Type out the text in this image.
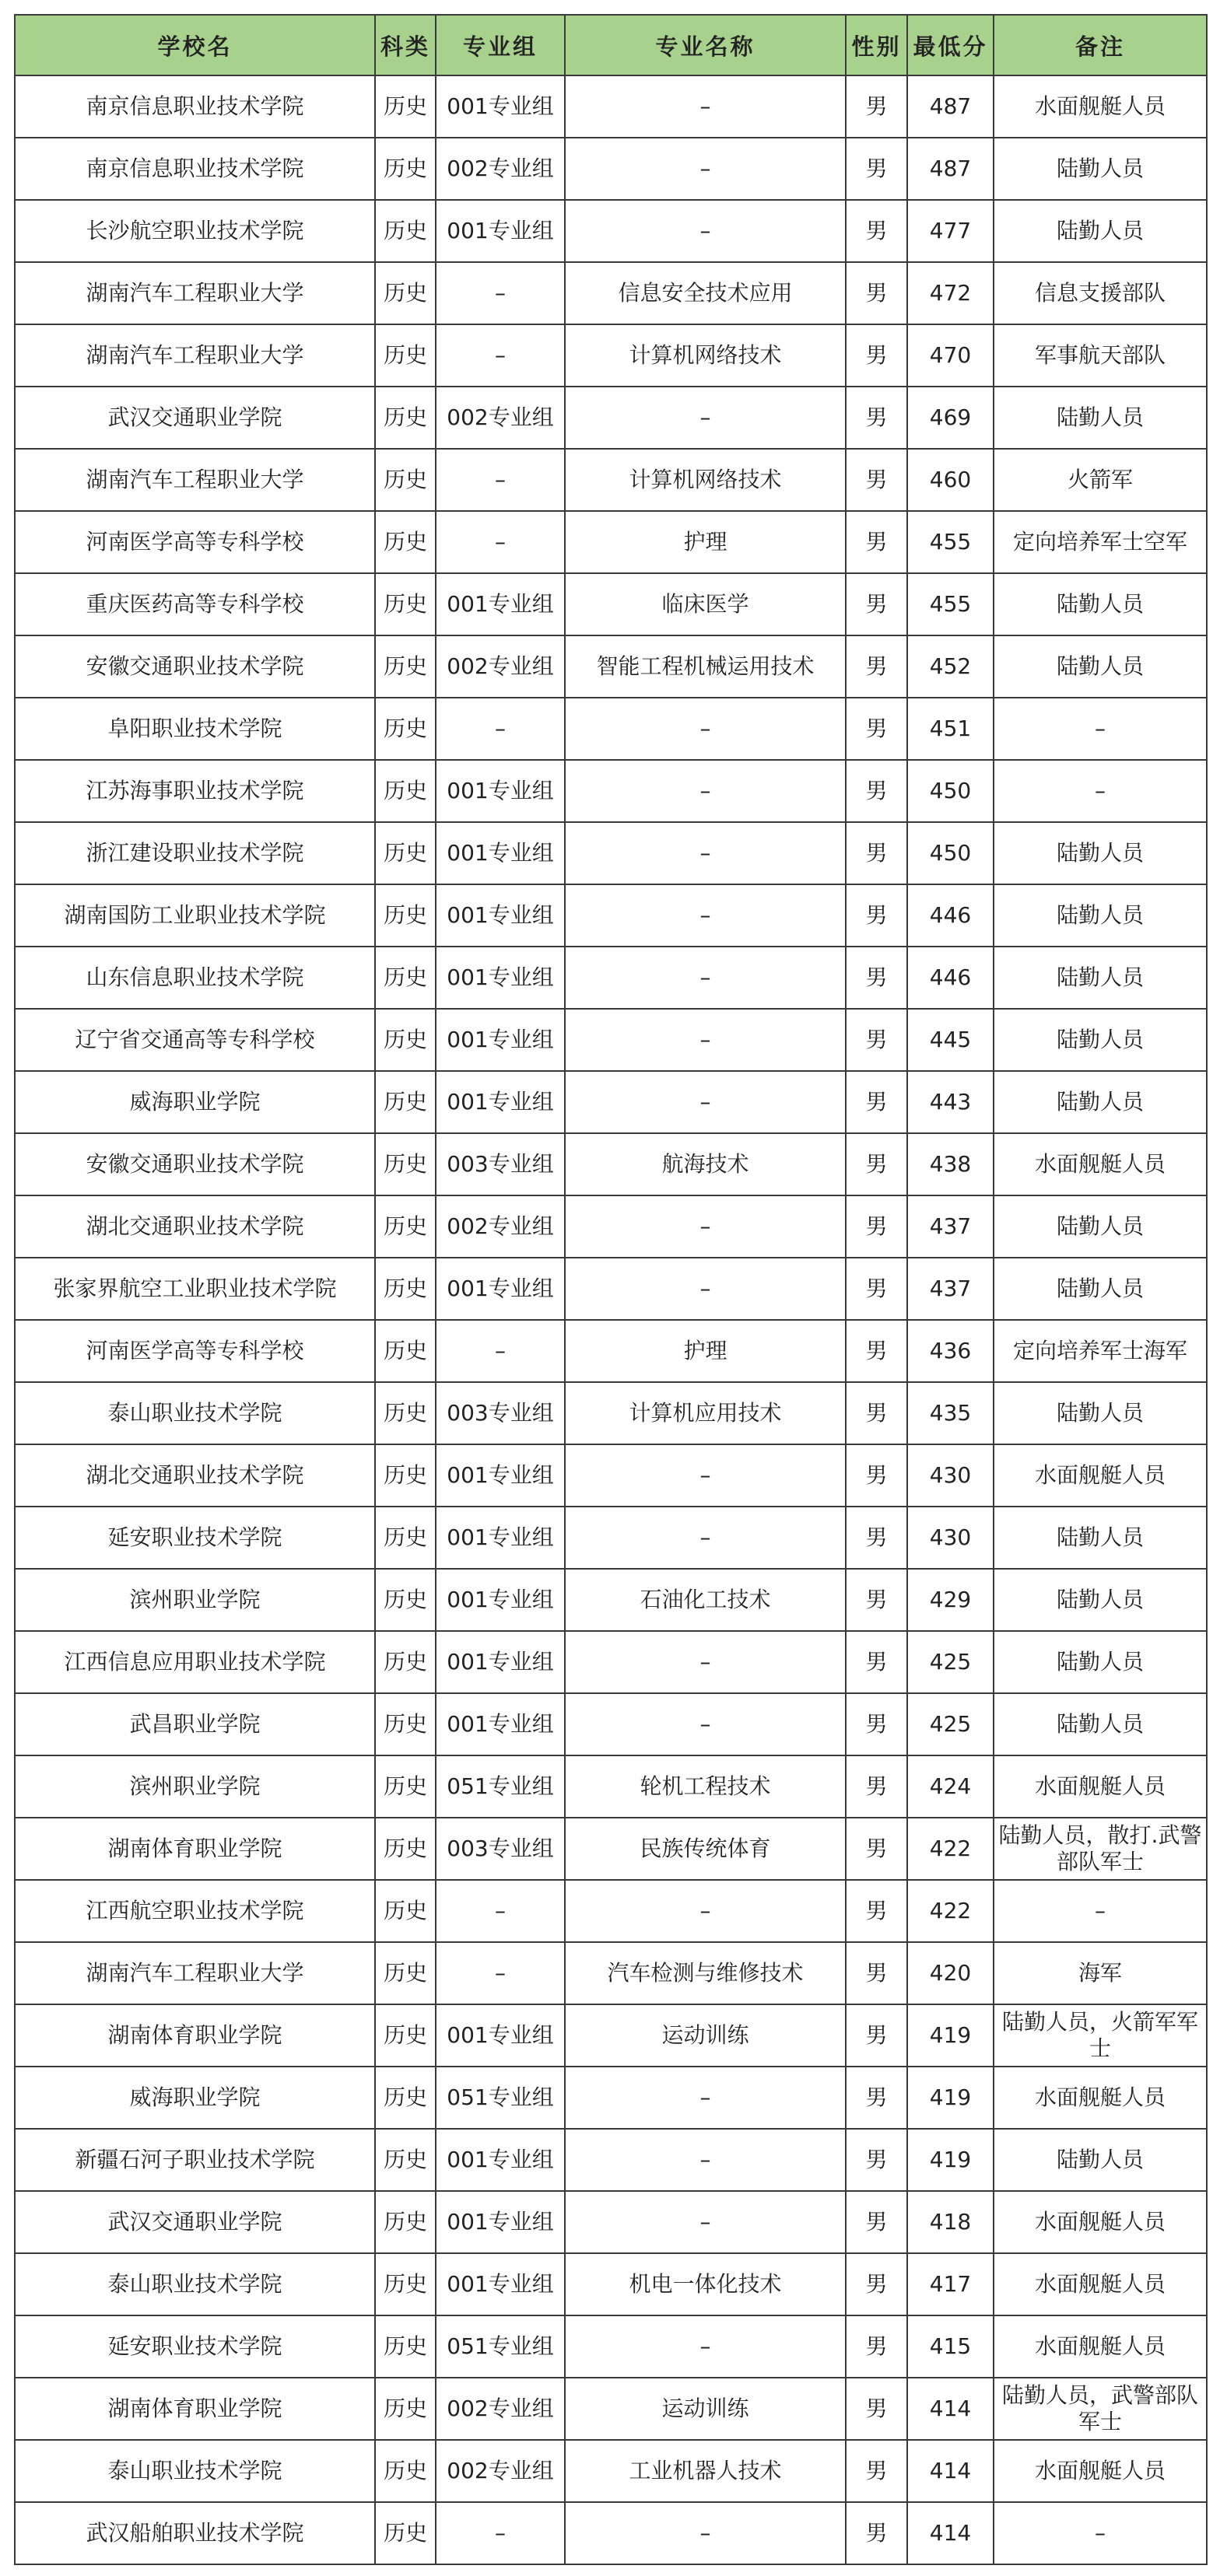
学校名	科类	专业组	专业名称	性别	最低分	备注
南京信息职业技术学院	历史	001专业组	–	男	487	水面舰艇人员
南京信息职业技术学院	历史	002专业组	–	男	487	陆勤人员
长沙航空职业技术学院	历史	001专业组	–	男	477	陆勤人员
湖南汽车工程职业大学	历史	–	信息安全技术应用	男	472	信息支援部队
湖南汽车工程职业大学	历史	–	计算机网络技术	男	470	军事航天部队
武汉交通职业学院	历史	002专业组	–	男	469	陆勤人员
湖南汽车工程职业大学	历史	–	计算机网络技术	男	460	火箭军
河南医学高等专科学校	历史	–	护理	男	455	定向培养军士空军
重庆医药高等专科学校	历史	001专业组	临床医学	男	455	陆勤人员
安徽交通职业技术学院	历史	002专业组	智能工程机械运用技术	男	452	陆勤人员
阜阳职业技术学院	历史	–	–	男	451	–
江苏海事职业技术学院	历史	001专业组	–	男	450	–
浙江建设职业技术学院	历史	001专业组	–	男	450	陆勤人员
湖南国防工业职业技术学院	历史	001专业组	–	男	446	陆勤人员
山东信息职业技术学院	历史	001专业组	–	男	446	陆勤人员
辽宁省交通高等专科学校	历史	001专业组	–	男	445	陆勤人员
威海职业学院	历史	001专业组	–	男	443	陆勤人员
安徽交通职业技术学院	历史	003专业组	航海技术	男	438	水面舰艇人员
湖北交通职业技术学院	历史	002专业组	–	男	437	陆勤人员
张家界航空工业职业技术学院	历史	001专业组	–	男	437	陆勤人员
河南医学高等专科学校	历史	–	护理	男	436	定向培养军士海军
泰山职业技术学院	历史	003专业组	计算机应用技术	男	435	陆勤人员
湖北交通职业技术学院	历史	001专业组	–	男	430	水面舰艇人员
延安职业技术学院	历史	001专业组	–	男	430	陆勤人员
滨州职业学院	历史	001专业组	石油化工技术	男	429	陆勤人员
江西信息应用职业技术学院	历史	001专业组	–	男	425	陆勤人员
武昌职业学院	历史	001专业组	–	男	425	陆勤人员
滨州职业学院	历史	051专业组	轮机工程技术	男	424	水面舰艇人员
湖南体育职业学院	历史	003专业组	民族传统体育	男	422	陆勤人员，散打.武警部队军士
江西航空职业技术学院	历史	–	–	男	422	–
湖南汽车工程职业大学	历史	–	汽车检测与维修技术	男	420	海军
湖南体育职业学院	历史	001专业组	运动训练	男	419	陆勤人员，火箭军军士
威海职业学院	历史	051专业组	–	男	419	水面舰艇人员
新疆石河子职业技术学院	历史	001专业组	–	男	419	陆勤人员
武汉交通职业学院	历史	001专业组	–	男	418	水面舰艇人员
泰山职业技术学院	历史	001专业组	机电一体化技术	男	417	水面舰艇人员
延安职业技术学院	历史	051专业组	–	男	415	水面舰艇人员
湖南体育职业学院	历史	002专业组	运动训练	男	414	陆勤人员，武警部队军士
泰山职业技术学院	历史	002专业组	工业机器人技术	男	414	水面舰艇人员
武汉船舶职业技术学院	历史	–	–	男	414	–
